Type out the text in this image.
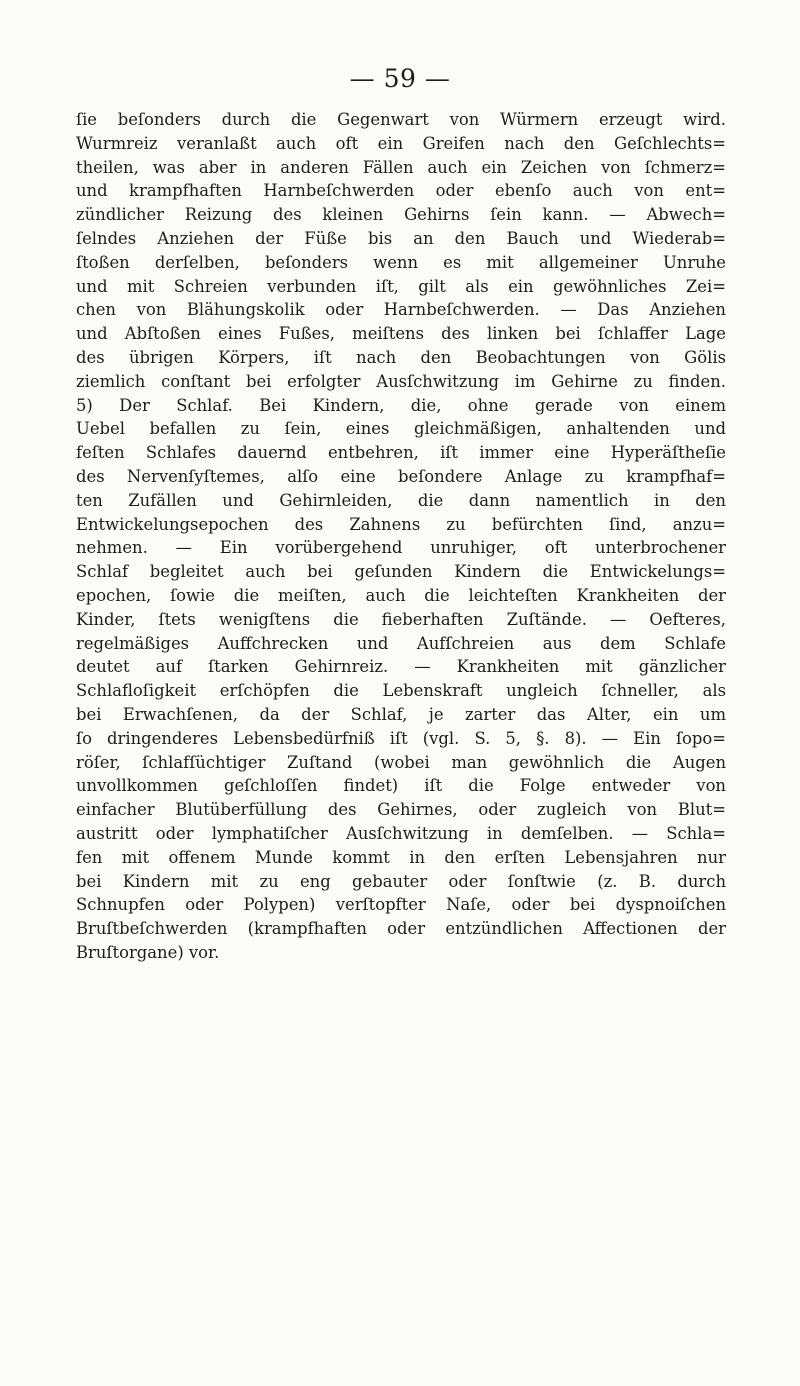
— 59 —
ſie beſonders durch die Gegenwart von Würmern erzeugt wird.
Wurmreiz veranlaßt auch oft ein Greifen nach den Geſchlechts=
theilen, was aber in anderen Fällen auch ein Zeichen von ſchmerz=
und krampfhaften Harnbeſchwerden oder ebenſo auch von ent=
zündlicher Reizung des kleinen Gehirns ſein kann. — Abwech=
ſelndes Anziehen der Füße bis an den Bauch und Wiederab=
ſtoßen derſelben, beſonders wenn es mit allgemeiner Unruhe
und mit Schreien verbunden iſt, gilt als ein gewöhnliches Zei=
chen von Blähungskolik oder Harnbeſchwerden. — Das Anziehen
und Abſtoßen eines Fußes, meiſtens des linken bei ſchlaffer Lage
des übrigen Körpers, iſt nach den Beobachtungen von Gölis
ziemlich conſtant bei erfolgter Ausſchwitzung im Gehirne zu finden.
5) Der Schlaf. Bei Kindern, die, ohne gerade von einem
Uebel befallen zu ſein, eines gleichmäßigen, anhaltenden und
feſten Schlafes dauernd entbehren, iſt immer eine Hyperäſtheſie
des Nervenſyſtemes, alſo eine beſondere Anlage zu krampfhaf=
ten Zufällen und Gehirnleiden, die dann namentlich in den
Entwickelungsepochen des Zahnens zu befürchten ſind, anzu=
nehmen. — Ein vorübergehend unruhiger, oft unterbrochener
Schlaf begleitet auch bei geſunden Kindern die Entwickelungs=
epochen, ſowie die meiſten, auch die leichteſten Krankheiten der
Kinder, ſtets wenigſtens die fieberhaften Zuſtände. — Oefteres,
regelmäßiges Auffchrecken und Aufſchreien aus dem Schlafe
deutet auf ſtarken Gehirnreiz. — Krankheiten mit gänzlicher
Schlafloſigkeit erſchöpfen die Lebenskraft ungleich ſchneller, als
bei Erwachſenen, da der Schlaf, je zarter das Alter, ein um
ſo dringenderes Lebensbedürfniß iſt (vgl. S. 5, §. 8). — Ein ſopo=
röſer, ſchlafſüchtiger Zuſtand (wobei man gewöhnlich die Augen
unvollkommen geſchloſſen findet) iſt die Folge entweder von
einfacher Blutüberfüllung des Gehirnes, oder zugleich von Blut=
austritt oder lymphatiſcher Ausſchwitzung in demſelben. — Schla=
fen mit offenem Munde kommt in den erſten Lebensjahren nur
bei Kindern mit zu eng gebauter oder ſonſtwie (z. B. durch
Schnupfen oder Polypen) verſtopfter Naſe, oder bei dyspnoiſchen
Bruſtbeſchwerden (krampfhaften oder entzündlichen Affectionen der
Bruſtorgane) vor.
